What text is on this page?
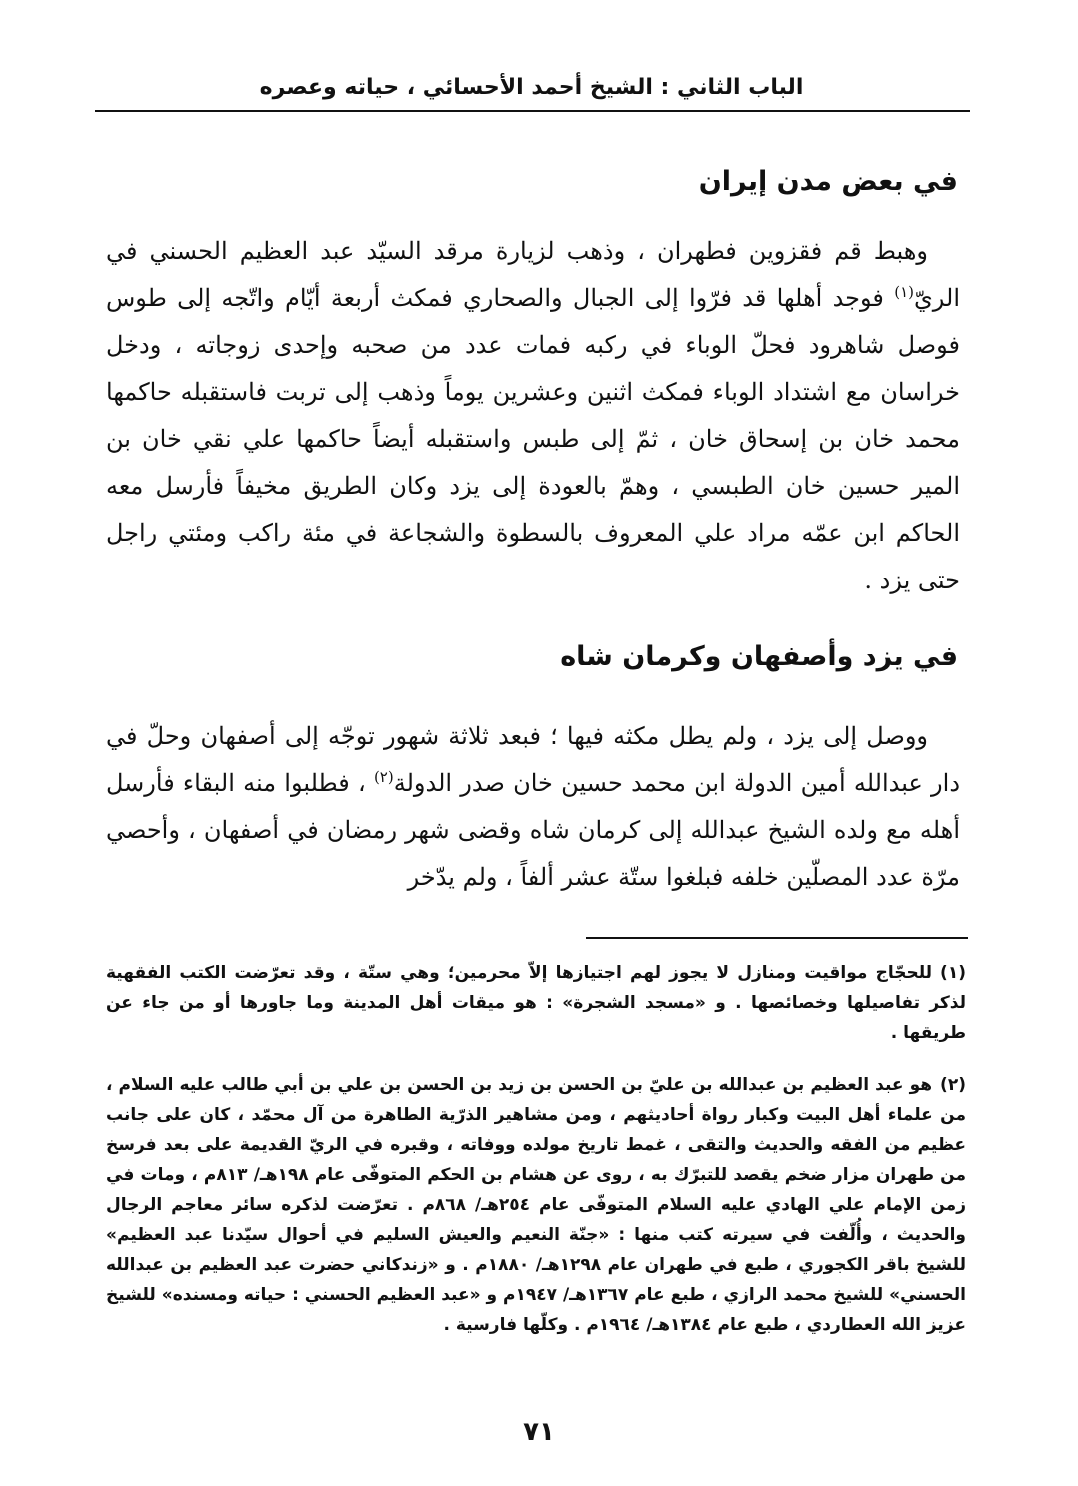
الباب الثاني : الشيخ أحمد الأحسائي ، حياته وعصره
في بعض مدن إيران

وهبط قم فقزوين فطهران ، وذهب لزيارة مرقد السيّد عبد العظيم الحسني في الريّ$^{(١)}$ فوجد أهلها قد فرّوا إلى الجبال والصحاري فمكث أربعة أيّام واتّجه إلى طوس فوصل شاهرود فحلّ الوباء في ركبه فمات عدد من صحبه وإحدى زوجاته ، ودخل خراسان مع اشتداد الوباء فمكث اثنين وعشرين يوماً وذهب إلى تربت فاستقبله حاكمها محمد خان بن إسحاق خان ، ثمّ إلى طبس واستقبله أيضاً حاكمها علي نقي خان بن المير حسين خان الطبسي ، وهمّ بالعودة إلى يزد وكان الطريق مخيفاً فأرسل معه الحاكم ابن عمّه مراد علي المعروف بالسطوة والشجاعة في مئة راكب ومئتي راجل حتى يزد .

في يزد وأصفهان وكرمان شاه

ووصل إلى يزد ، ولم يطل مكثه فيها ؛ فبعد ثلاثة شهور توجّه إلى أصفهان وحلّ في دار عبدالله أمين الدولة ابن محمد حسين خان صدر الدولة$^{(٢)}$ ، فطلبوا منه البقاء فأرسل أهله مع ولده الشيخ عبدالله إلى كرمان شاه وقضى شهر رمضان في أصفهان ، وأحصي مرّة عدد المصلّين خلفه فبلغوا ستّة عشر ألفاً ، ولم يدّخر

(١)للحجّاج مواقيت ومنازل لا يجوز لهم اجتيازها إلاّ محرمين؛ وهي ستّة ، وقد تعرّضت الكتب الفقهية لذكر تفاصيلها وخصائصها . و «مسجد الشجرة» : هو ميقات أهل المدينة وما جاورها أو من جاء عن طريقها .

(٢)هو عبد العظيم بن عبدالله بن عليّ بن الحسن بن زيد بن الحسن بن علي بن أبي طالب عليه السلام ، من علماء أهل البيت وكبار رواة أحاديثهم ، ومن مشاهير الذرّية الطاهرة من آل محمّد ، كان على جانب عظيم من الفقه والحديث والتقى ، غمط تاريخ مولده ووفاته ، وقبره في الريّ القديمة على بعد فرسخ من طهران مزار ضخم يقصد للتبرّك به ، روى عن هشام بن الحكم المتوفّى عام ١٩٨هـ/ ٨١٣م ، ومات في زمن الإمام علي الهادي عليه السلام المتوفّى عام ٢٥٤هـ/ ٨٦٨م . تعرّضت لذكره سائر معاجم الرجال والحديث ، وأُلّفت في سيرته كتب منها : «جنّة النعيم والعيش السليم في أحوال سيّدنا عبد العظيم» للشيخ باقر الكجوري ، طبع في طهران عام ١٢٩٨هـ/ ١٨٨٠م . و «زندكاني حضرت عبد العظيم بن عبدالله الحسني» للشيخ محمد الرازي ، طبع عام ١٣٦٧هـ/ ١٩٤٧م و «عبد العظيم الحسني : حياته ومسنده» للشيخ عزيز الله العطاردي ، طبع عام ١٣٨٤هـ/ ١٩٦٤م . وكلّها فارسية .

٧١
